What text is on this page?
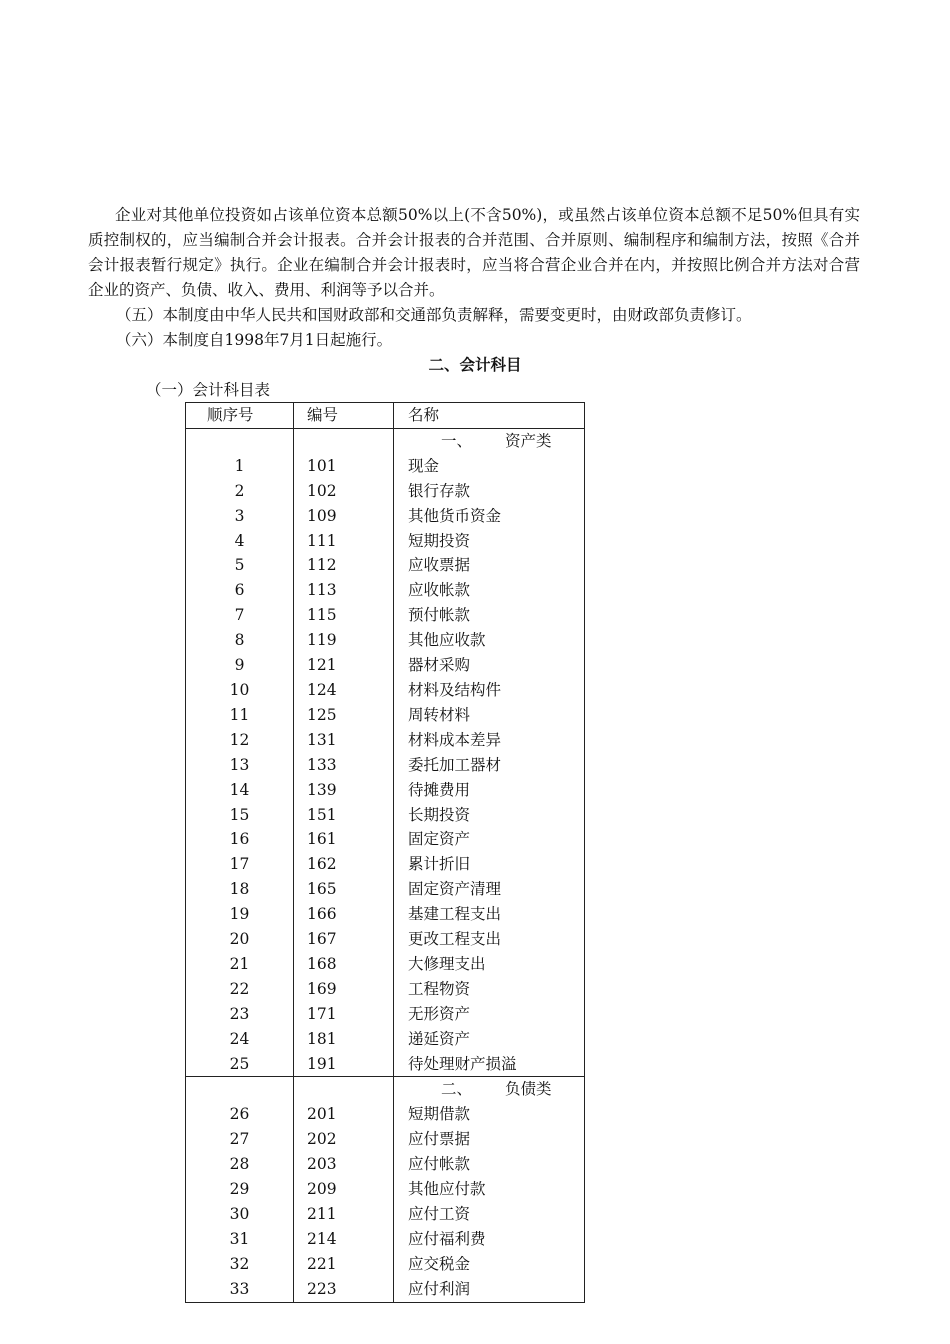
企业对其他单位投资如占该单位资本总额50%以上(不含50%)，或虽然占该单位资本总额不足50%但具有实质控制权的，应当编制合并会计报表。合并会计报表的合并范围、合并原则、编制程序和编制方法，按照《合并会计报表暂行规定》执行。企业在编制合并会计报表时，应当将合营企业合并在内，并按照比例合并方法对合营企业的资产、负债、收入、费用、利润等予以合并。

（五）本制度由中华人民共和国财政部和交通部负责解释，需要变更时，由财政部负责修订。
（六）本制度自1998年7月1日起施行。
二、会计科目
（一）会计科目表
顺序号	编号	名称
		一、 资产类
1	101	现金
2	102	银行存款
3	109	其他货币资金
4	111	短期投资
5	112	应收票据
6	113	应收帐款
7	115	预付帐款
8	119	其他应收款
9	121	器材采购
10	124	材料及结构件
11	125	周转材料
12	131	材料成本差异
13	133	委托加工器材
14	139	待摊费用
15	151	长期投资
16	161	固定资产
17	162	累计折旧
18	165	固定资产清理
19	166	基建工程支出
20	167	更改工程支出
21	168	大修理支出
22	169	工程物资
23	171	无形资产
24	181	递延资产
25	191	待处理财产损溢
		二、 负债类
26	201	短期借款
27	202	应付票据
28	203	应付帐款
29	209	其他应付款
30	211	应付工资
31	214	应付福利费
32	221	应交税金
33	223	应付利润
